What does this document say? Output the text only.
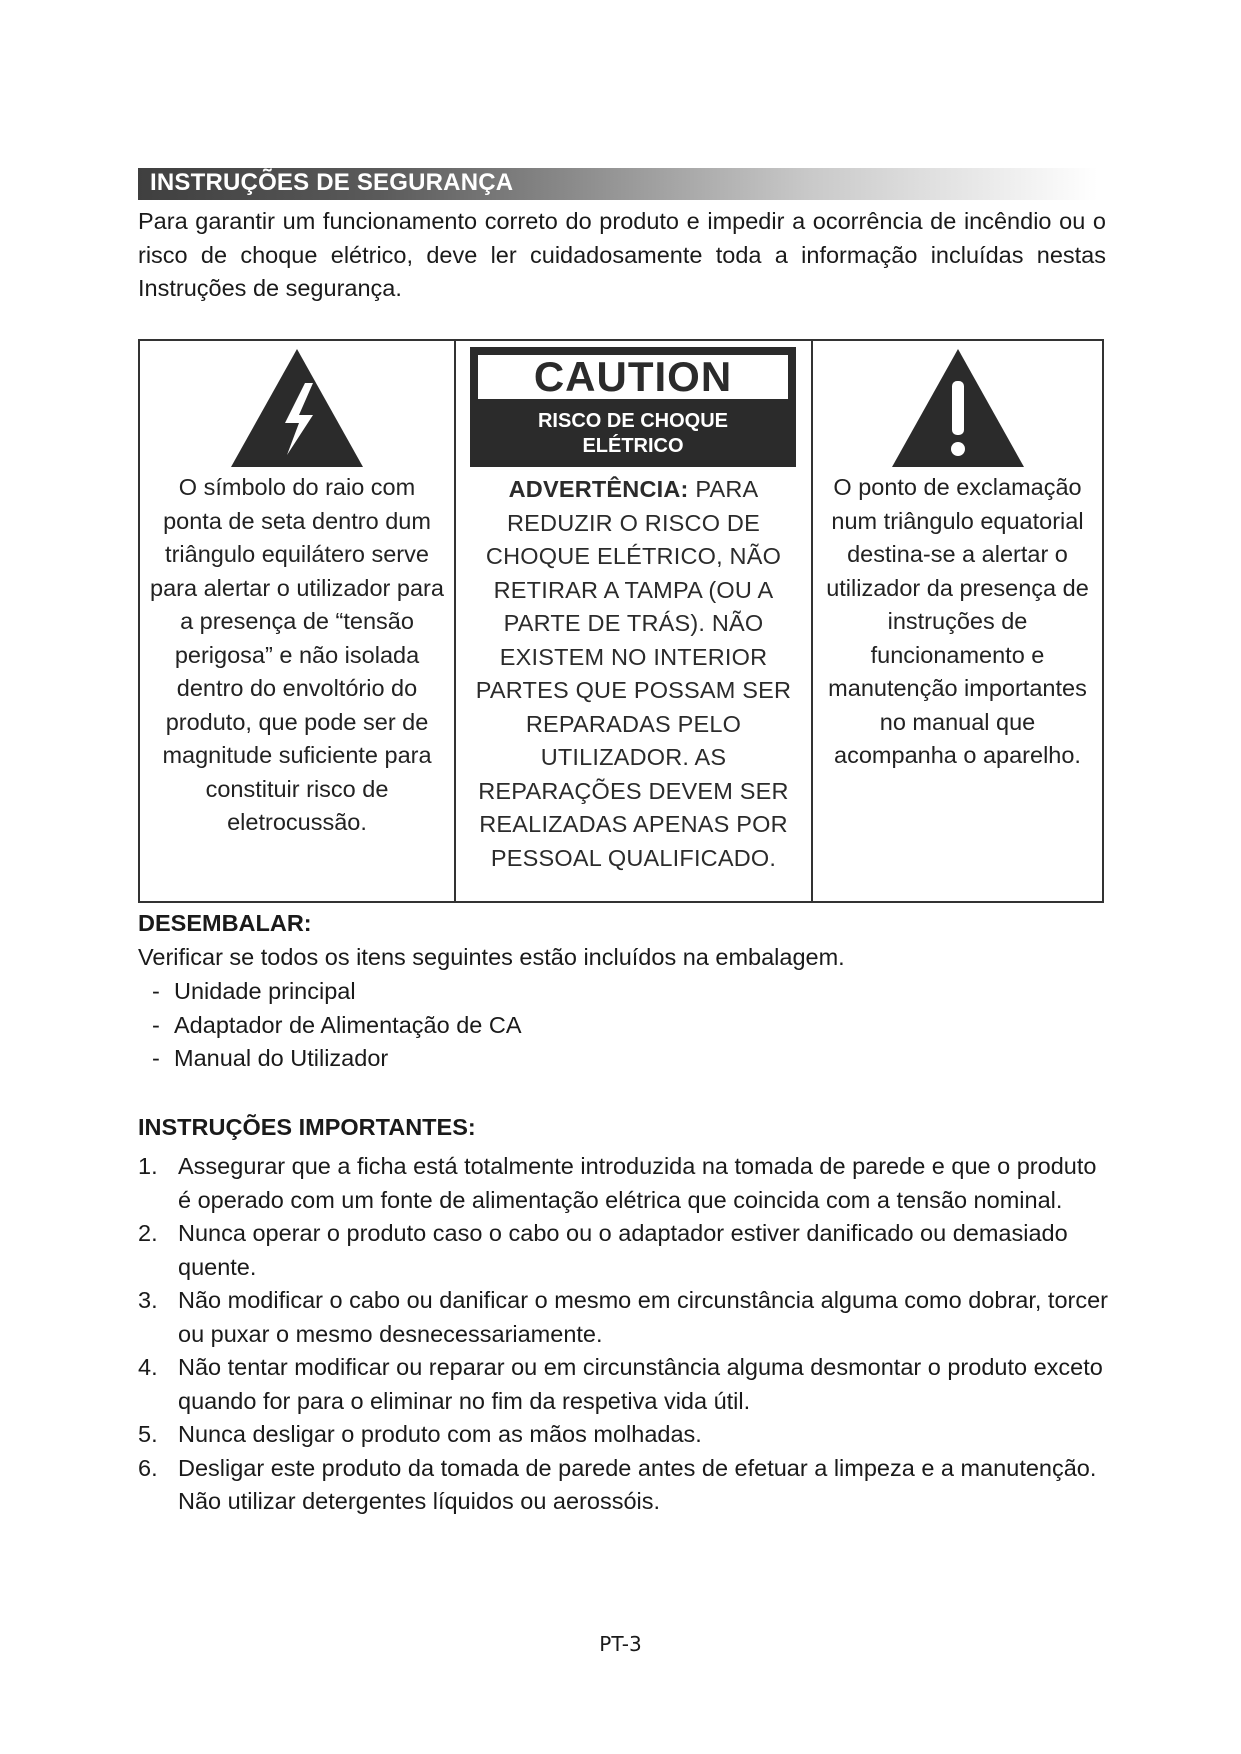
INSTRUÇÕES DE SEGURANÇA
Para garantir um funcionamento correto do produto e impedir a ocorrência de incêndio ou o risco de choque elétrico, deve ler cuidadosamente toda a informação incluídas nestas Instruções de segurança.
O símbolo do raio com ponta de seta dentro dum triângulo equilátero serve para alertar o utilizador para a presença de “tensão perigosa” e não isolada dentro do envoltório do produto, que pode ser de magnitude suficiente para constituir risco de eletrocussão.
CAUTION
RISCO DE CHOQUE
ELÉTRICO
ADVERTÊNCIA: PARA REDUZIR O RISCO DE CHOQUE ELÉTRICO, NÃO RETIRAR A TAMPA (OU A PARTE DE TRÁS). NÃO EXISTEM NO INTERIOR PARTES QUE POSSAM SER REPARADAS PELO UTILIZADOR. AS REPARAÇÕES DEVEM SER REALIZADAS APENAS POR PESSOAL QUALIFICADO.
O ponto de exclamação num triângulo equatorial destina-se a alertar o utilizador da presença de instruções de funcionamento e manutenção importantes no manual que acompanha o aparelho.
DESEMBALAR:
Verificar se todos os itens seguintes estão incluídos na embalagem.
- Unidade principal
- Adaptador de Alimentação de CA
- Manual do Utilizador
INSTRUÇÕES IMPORTANTES:
1. Assegurar que a ficha está totalmente introduzida na tomada de parede e que o produto é operado com um fonte de alimentação elétrica que coincida com a tensão nominal.
2. Nunca operar o produto caso o cabo ou o adaptador estiver danificado ou demasiado quente.
3. Não modificar o cabo ou danificar o mesmo em circunstância alguma como dobrar, torcer ou puxar o mesmo desnecessariamente.
4. Não tentar modificar ou reparar ou em circunstância alguma desmontar o produto exceto quando for para o eliminar no fim da respetiva vida útil.
5. Nunca desligar o produto com as mãos molhadas.
6. Desligar este produto da tomada de parede antes de efetuar a limpeza e a manutenção. Não utilizar detergentes líquidos ou aerossóis.
PT-3
